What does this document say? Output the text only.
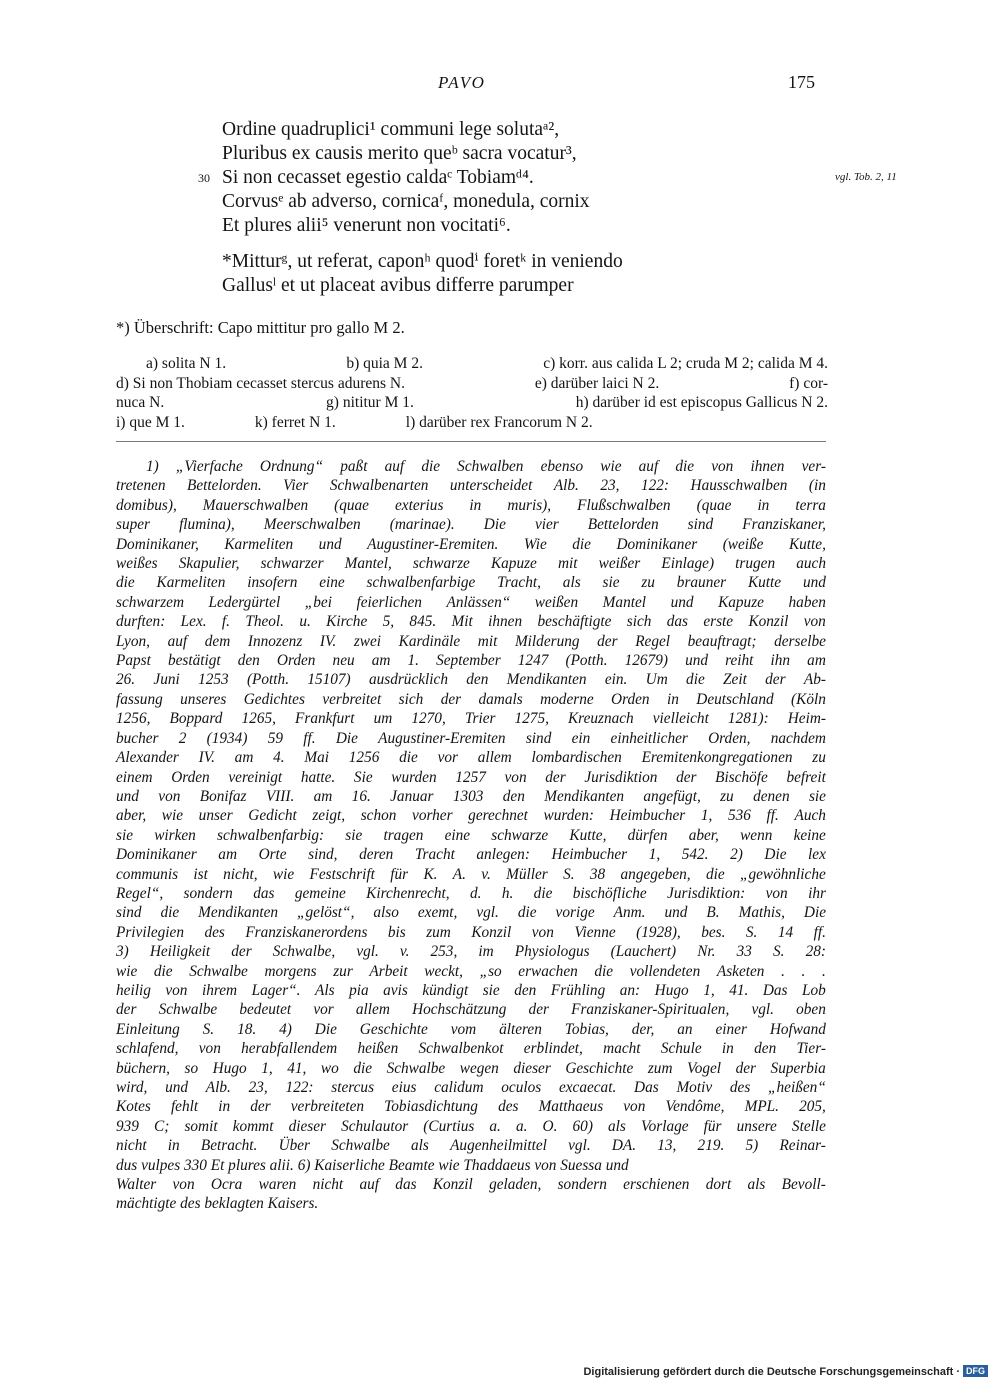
PAVO	175
Ordine quadruplici¹ communi lege solutaᵃ²,
Pluribus ex causis merito queᵇ sacra vocatur³,
30 Si non cecasset egestio caldaᶜ Tobiamᵈ⁴.	vgl. Tob. 2, 11
Corvusᵉ ab adverso, cornicaᶠ, monedula, cornix
Et plures alii⁵ venerunt non vocitati⁶.
*Mitturᵍ, ut referat, caponʰ quodⁱ foretᵏ in veniendo
Gallusˡ et ut placeat avibus differre parumper
*) Überschrift: Capo mittitur pro gallo M 2.
a) solita N 1.	b) quia M 2.	c) korr. aus calida L 2; cruda M 2; calida M 4.
d) Si non Thobiam cecasset stercus adurens N.	e) darüber laici N 2.	f) cor-
nuca N.	g) nititur M 1.	h) darüber id est episcopus Gallicus N 2.
i) que M 1.	k) ferret N 1.	l) darüber rex Francorum N 2.
1) „Vierfache Ordnung“ paßt auf die Schwalben ebenso wie auf die von ihnen ver-
tretenen Bettelorden. Vier Schwalbenarten unterscheidet Alb. 23, 122: Hausschwalben (in
domibus), Mauerschwalben (quae exterius in muris), Flußschwalben (quae in terra
super flumina), Meerschwalben (marinae). Die vier Bettelorden sind Franziskaner,
Dominikaner, Karmeliten und Augustiner-Eremiten. Wie die Dominikaner (weiße Kutte,
weißes Skapulier, schwarzer Mantel, schwarze Kapuze mit weißer Einlage) trugen auch
die Karmeliten insofern eine schwalbenfarbige Tracht, als sie zu brauner Kutte und
schwarzem Ledergürtel „bei feierlichen Anlässen“ weißen Mantel und Kapuze haben
durften: Lex. f. Theol. u. Kirche 5, 845. Mit ihnen beschäftigte sich das erste Konzil von
Lyon, auf dem Innozenz IV. zwei Kardinäle mit Milderung der Regel beauftragt; derselbe
Papst bestätigt den Orden neu am 1. September 1247 (Potth. 12679) und reiht ihn am
26. Juni 1253 (Potth. 15107) ausdrücklich den Mendikanten ein. Um die Zeit der Ab-
fassung unseres Gedichtes verbreitet sich der damals moderne Orden in Deutschland (Köln
1256, Boppard 1265, Frankfurt um 1270, Trier 1275, Kreuznach vielleicht 1281): Heim-
bucher 2 (1934) 59 ff. Die Augustiner-Eremiten sind ein einheitlicher Orden, nachdem
Alexander IV. am 4. Mai 1256 die vor allem lombardischen Eremitenkongregationen zu
einem Orden vereinigt hatte. Sie wurden 1257 von der Jurisdiktion der Bischöfe befreit
und von Bonifaz VIII. am 16. Januar 1303 den Mendikanten angefügt, zu denen sie
aber, wie unser Gedicht zeigt, schon vorher gerechnet wurden: Heimbucher 1, 536 ff. Auch
sie wirken schwalbenfarbig: sie tragen eine schwarze Kutte, dürfen aber, wenn keine
Dominikaner am Orte sind, deren Tracht anlegen: Heimbucher 1, 542. 2) Die lex
communis ist nicht, wie Festschrift für K. A. v. Müller S. 38 angegeben, die „gewöhnliche
Regel“, sondern das gemeine Kirchenrecht, d. h. die bischöfliche Jurisdiktion: von ihr
sind die Mendikanten „gelöst“, also exemt, vgl. die vorige Anm. und B. Mathis, Die
Privilegien des Franziskanerordens bis zum Konzil von Vienne (1928), bes. S. 14 ff.
3) Heiligkeit der Schwalbe, vgl. v. 253, im Physiologus (Lauchert) Nr. 33 S. 28:
wie die Schwalbe morgens zur Arbeit weckt, „so erwachen die vollendeten Asketen . . .
heilig von ihrem Lager“. Als pia avis kündigt sie den Frühling an: Hugo 1, 41. Das Lob
der Schwalbe bedeutet vor allem Hochschätzung der Franziskaner-Spiritualen, vgl. oben
Einleitung S. 18. 4) Die Geschichte vom älteren Tobias, der, an einer Hofwand
schlafend, von herabfallendem heißen Schwalbenkot erblindet, macht Schule in den Tier-
büchern, so Hugo 1, 41, wo die Schwalbe wegen dieser Geschichte zum Vogel der Superbia
wird, und Alb. 23, 122: stercus eius calidum oculos excaecat. Das Motiv des „heißen“
Kotes fehlt in der verbreiteten Tobiasdichtung des Matthaeus von Vendôme, MPL. 205,
939 C; somit kommt dieser Schulautor (Curtius a. a. O. 60) als Vorlage für unsere Stelle
nicht in Betracht. Über Schwalbe als Augenheilmittel vgl. DA. 13, 219. 5) Reinar-
dus vulpes 330 Et plures alii. 6) Kaiserliche Beamte wie Thaddaeus von Suessa und
Walter von Ocra waren nicht auf das Konzil geladen, sondern erschienen dort als Bevoll-
mächtigte des beklagten Kaisers.
Digitalisierung gefördert durch die Deutsche Forschungsgemeinschaft · DFG
